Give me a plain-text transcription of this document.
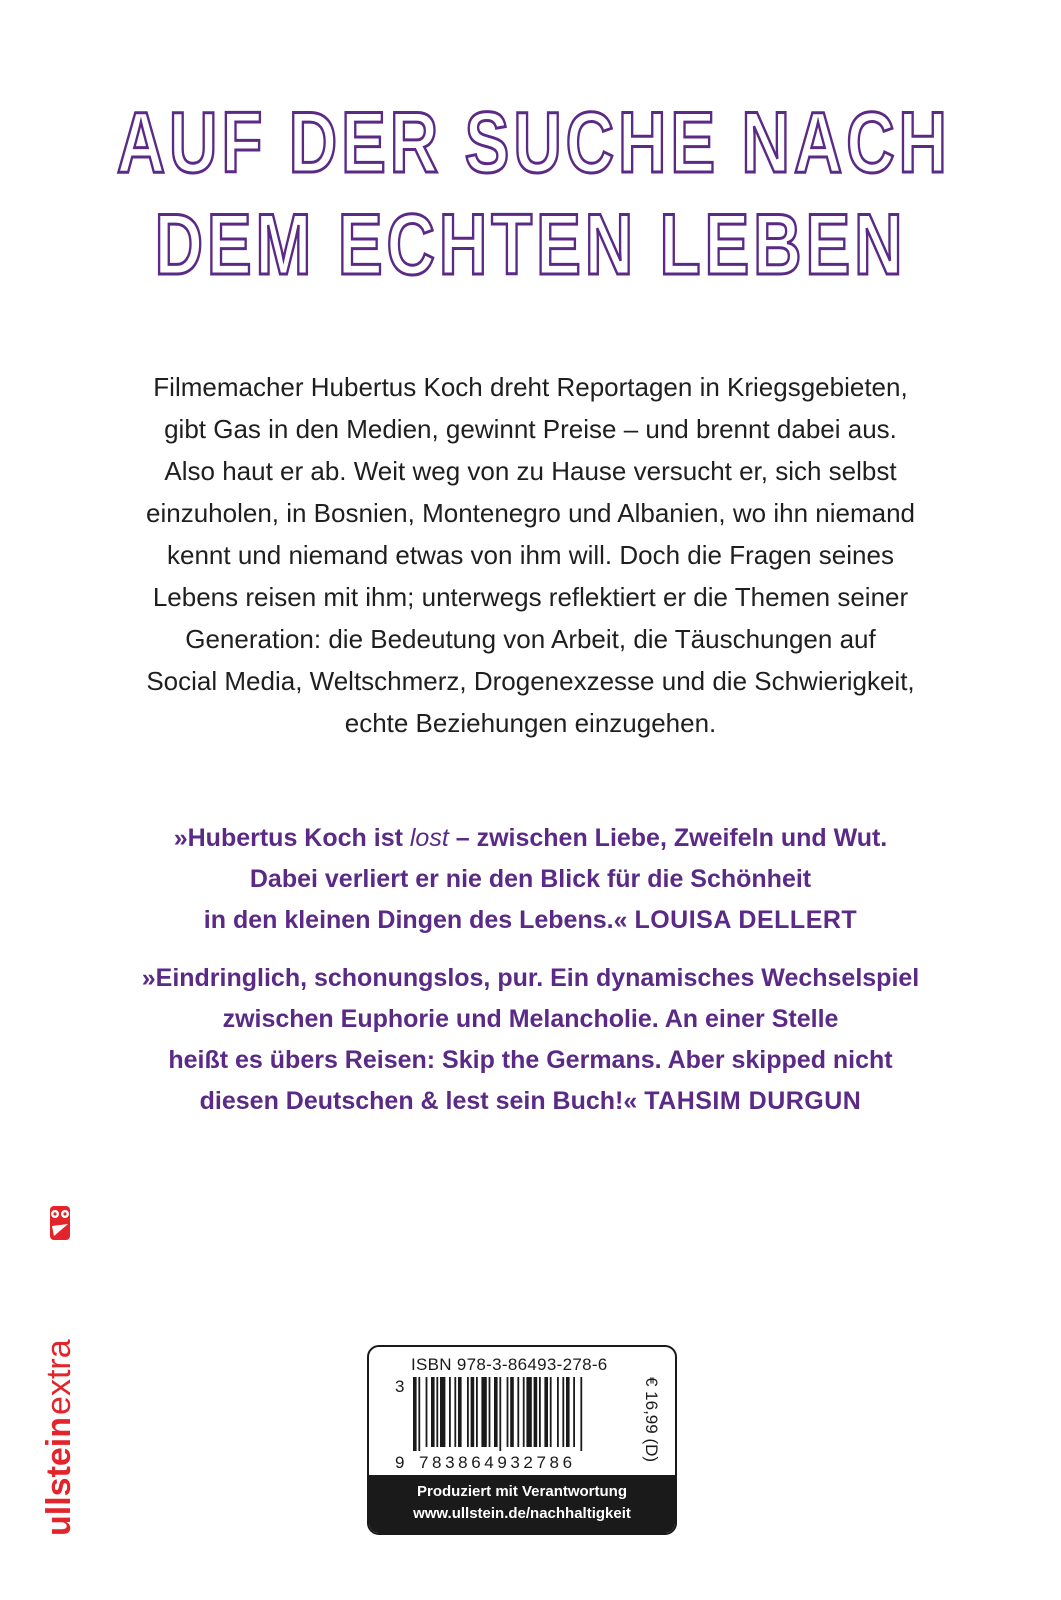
AUF DER SUCHE NACH
DEM ECHTEN LEBEN
Filmemacher Hubertus Koch dreht Reportagen in Kriegsgebieten,
gibt Gas in den Medien, gewinnt Preise – und brennt dabei aus.
Also haut er ab. Weit weg von zu Hause versucht er, sich selbst
einzuholen, in Bosnien, Montenegro und Albanien, wo ihn niemand
kennt und niemand etwas von ihm will. Doch die Fragen seines
Lebens reisen mit ihm; unterwegs reflektiert er die Themen seiner
Generation: die Bedeutung von Arbeit, die Täuschungen auf
Social Media, Weltschmerz, Drogenexzesse und die Schwierigkeit,
echte Beziehungen einzugehen.
»Hubertus Koch ist lost – zwischen Liebe, Zweifeln und Wut.
Dabei verliert er nie den Blick für die Schönheit
in den kleinen Dingen des Lebens.« LOUISA DELLERT
»Eindringlich, schonungslos, pur. Ein dynamisches Wechselspiel
zwischen Euphorie und Melancholie. An einer Stelle
heißt es übers Reisen: Skip the Germans. Aber skipped nicht
diesen Deutschen & lest sein Buch!« TAHSIM DURGUN
ullsteinextra	ISBN 978-3-86493-278-6
3
9 783864932786
€ 16,99 (D)
Produziert mit Verantwortung
www.ullstein.de/nachhaltigkeit
